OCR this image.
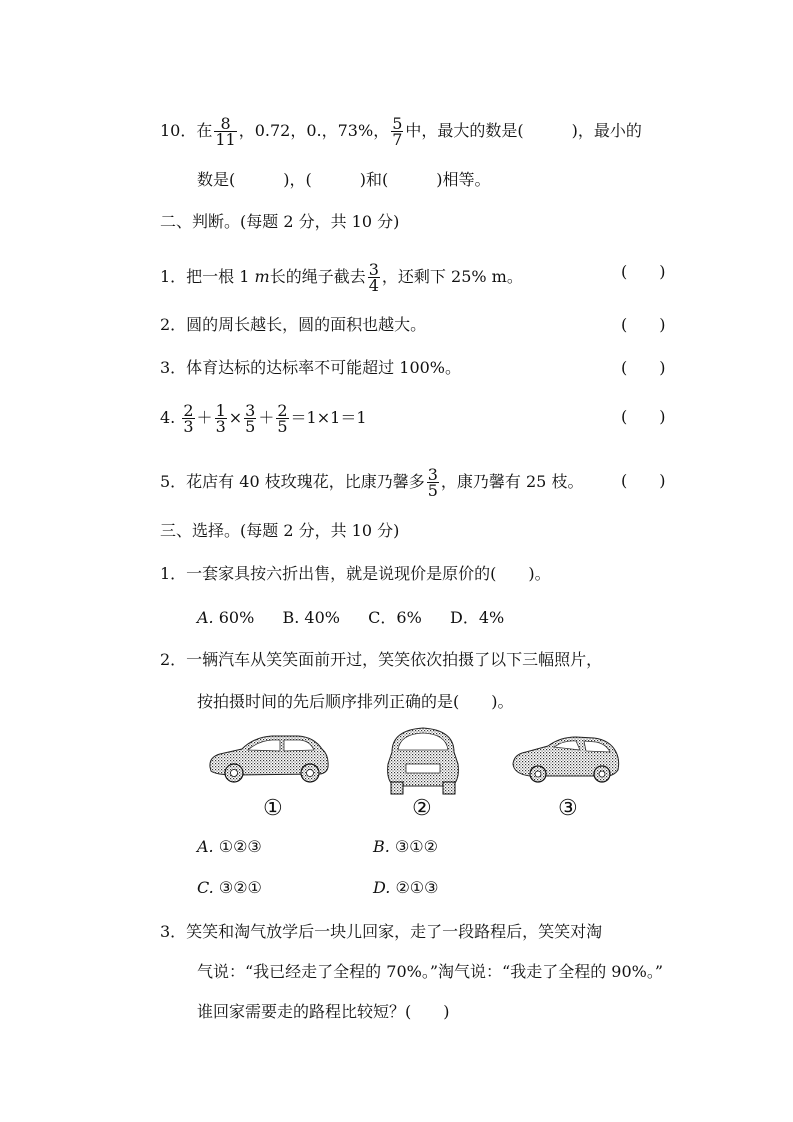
10．在 $\frac{8}{11}$ ，0.72，0.，73%， $\frac{5}{7}$ 中，最大的数是(　　　)，最小的
数是(　　　)，(　　　)和(　　　)相等。
二、判断。(每题 2 分，共 10 分)
1．把一根 1 m长的绳子截去 $\frac{3}{4}$ ，还剩下 25% m。	(　　)
2．圆的周长越长，圆的面积也越大。	(　　)
3．体育达标的达标率不可能超过 100%。	(　　)
4. $\frac{2}{3} + \frac{1}{3} \times \frac{3}{5} + \frac{2}{5} =1\times 1=1$	(　　)
5．花店有 40 枝玫瑰花，比康乃馨多 $\frac{3}{5}$ ，康乃馨有 25 枝。 (　　)
三、选择。(每题 2 分，共 10 分)
1．一套家具按六折出售，就是说现价是原价的(　　)。
A. 60% B. 40% C．6% D．4%
2．一辆汽车从笑笑面前开过，笑笑依次拍摄了以下三幅照片，
按拍摄时间的先后顺序排列正确的是(　　)。
①	②	③
A. ①②③	B. ③①②
C. ③②①	D. ②①③
3．笑笑和淘气放学后一块儿回家，走了一段路程后，笑笑对淘
气说：“我已经走了全程的 70%。”淘气说：“我走了全程的 90%。”
谁回家需要走的路程比较短？(　　)
